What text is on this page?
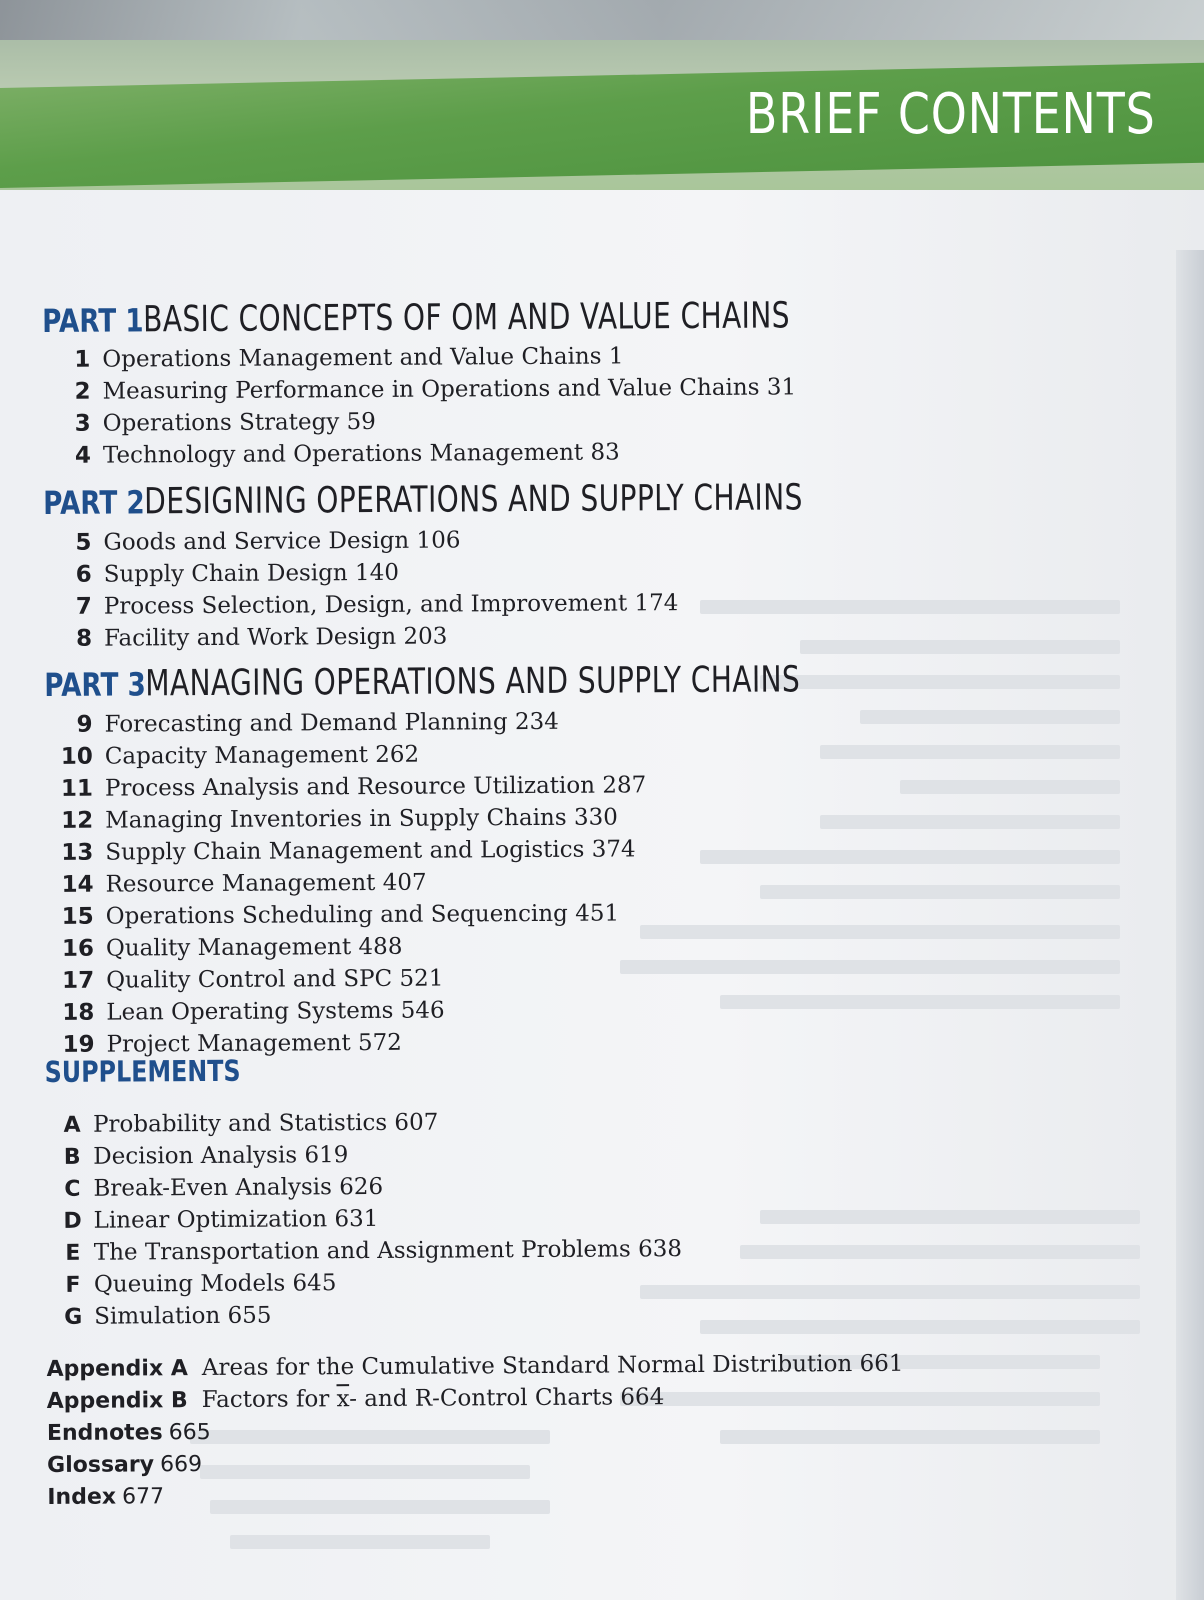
BRIEF CONTENTS
PART 1 BASIC CONCEPTS OF OM AND VALUE CHAINS
1 Operations Management and Value Chains 1
2 Measuring Performance in Operations and Value Chains 31
3 Operations Strategy 59
4 Technology and Operations Management 83
PART 2 DESIGNING OPERATIONS AND SUPPLY CHAINS
5 Goods and Service Design 106
6 Supply Chain Design 140
7 Process Selection, Design, and Improvement 174
8 Facility and Work Design 203
PART 3 MANAGING OPERATIONS AND SUPPLY CHAINS
9 Forecasting and Demand Planning 234
10 Capacity Management 262
11 Process Analysis and Resource Utilization 287
12 Managing Inventories in Supply Chains 330
13 Supply Chain Management and Logistics 374
14 Resource Management 407
15 Operations Scheduling and Sequencing 451
16 Quality Management 488
17 Quality Control and SPC 521
18 Lean Operating Systems 546
19 Project Management 572
SUPPLEMENTS
A Probability and Statistics 607
B Decision Analysis 619
C Break-Even Analysis 626
D Linear Optimization 631
E The Transportation and Assignment Problems 638
F Queuing Models 645
G Simulation 655
Appendix A Areas for the Cumulative Standard Normal Distribution 661
Appendix B Factors for $\overline{x}-$ and R-Control Charts 664
Endnotes 665
Glossary 669
Index 677
